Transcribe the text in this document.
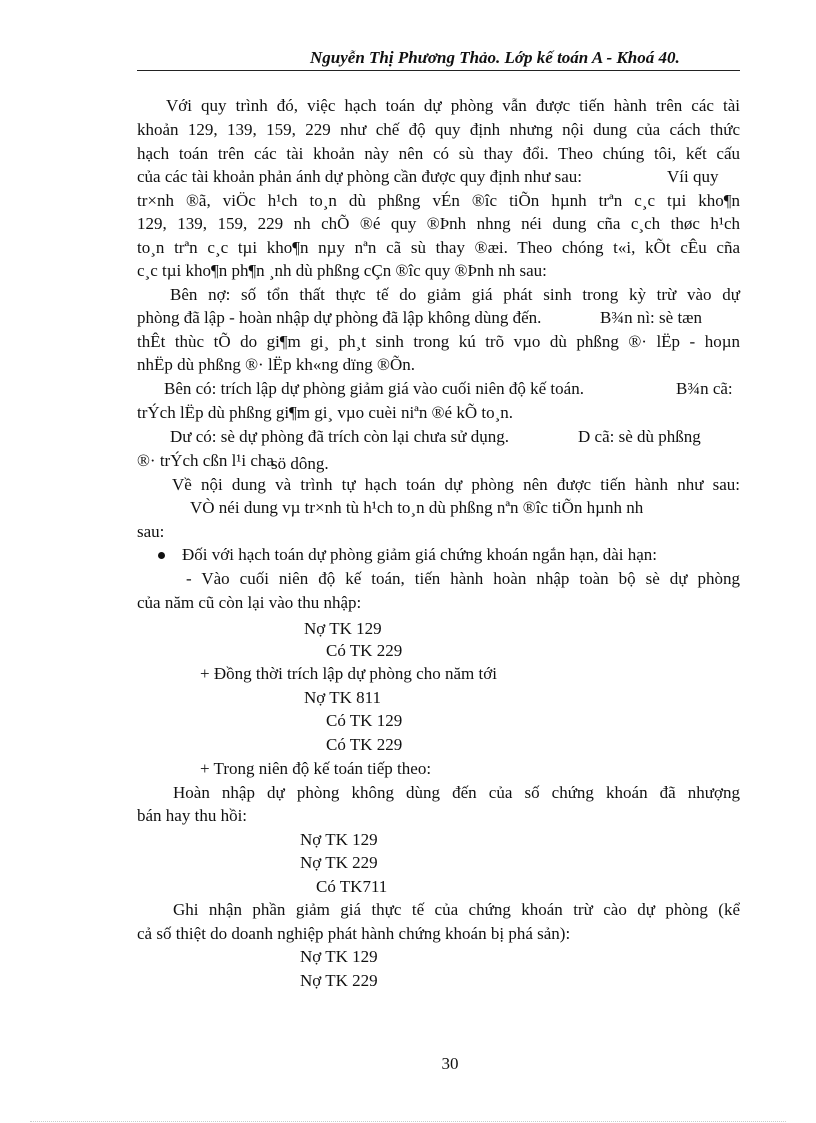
Nguyễn Thị Phương Thảo. Lớp kế toán A - Khoá 40.
Với quy trình đó, việc hạch toán dự phòng vẫn được tiến hành trên các tài
khoản 129, 139, 159, 229 như chế độ quy định nhưng nội dung của cách thức
hạch toán trên các tài khoản này nên có sù thay đổi. Theo chúng tôi, kết cấu
của các tài khoản phản ánh dự phòng cần được quy định như sau:	Víi quy
tr×nh ®ã, viÖc h¹ch to¸n dù phßng vÉn ®îc tiÕn hµnh trªn c¸c tµi kho¶n
129, 139, 159, 229 nh chÕ ®é quy ®Þnh nhng néi dung cña c¸ch thøc h¹ch
to¸n trªn c¸c tµi kho¶n nµy nªn cã sù thay ®æi. Theo chóng t«i, kÕt cÊu cña
c¸c tµi kho¶n ph¶n ¸nh dù phßng cÇn ®îc quy ®Þnh nh sau:
Bên nợ: số tổn thất thực tế do giảm giá phát sinh trong kỳ trừ vào dự
phòng đã lập - hoàn nhập dự phòng đã lập không dùng đến.	B¾n nì: sè tæn
thÊt thùc tÕ do gi¶m gi¸ ph¸t sinh trong kú trõ vµo dù phßng ®· lËp - hoµn
nhËp dù phßng ®· lËp kh«ng dïng ®Õn.
Bên có: trích lập dự phòng giảm giá vào cuối niên độ kế toán.	B¾n cã:
trÝch lËp dù phßng gi¶m gi¸ vµo cuèi niªn ®é kÕ to¸n.
Dư có: sè dự phòng đã trích còn lại chưa sử dụng.	D cã: sè dù phßng
®· trÝch cßn l¹i cha
sö dông.
Về nội dung và trình tự hạch toán dự phòng nên được tiến hành như sau:
VÒ néi dung vµ tr×nh tù h¹ch to¸n dù phßng nªn ®îc tiÕn hµnh nh
sau:
Đối với hạch toán dự phòng giảm giá chứng khoán ngắn hạn, dài hạn:
- Vào cuối niên độ kế toán, tiến hành hoàn nhập toàn bộ sè dự phòng
của năm cũ còn lại vào thu nhập:
Nợ TK 129
Có TK 229
+ Đồng thời trích lập dự phòng cho năm tới
Nợ TK 811
Có TK 129
Có TK 229
+ Trong niên độ kế toán tiếp theo:
Hoàn nhập dự phòng không dùng đến của số chứng khoán đã nhượng
bán hay thu hồi:
Nợ TK 129
Nợ TK 229
Có TK711
Ghi nhận phần giảm giá thực tế của chứng khoán trừ cào dự phòng (kể
cả số thiệt do doanh nghiệp phát hành chứng khoán bị phá sản):
Nợ TK 129
Nợ TK 229
30
